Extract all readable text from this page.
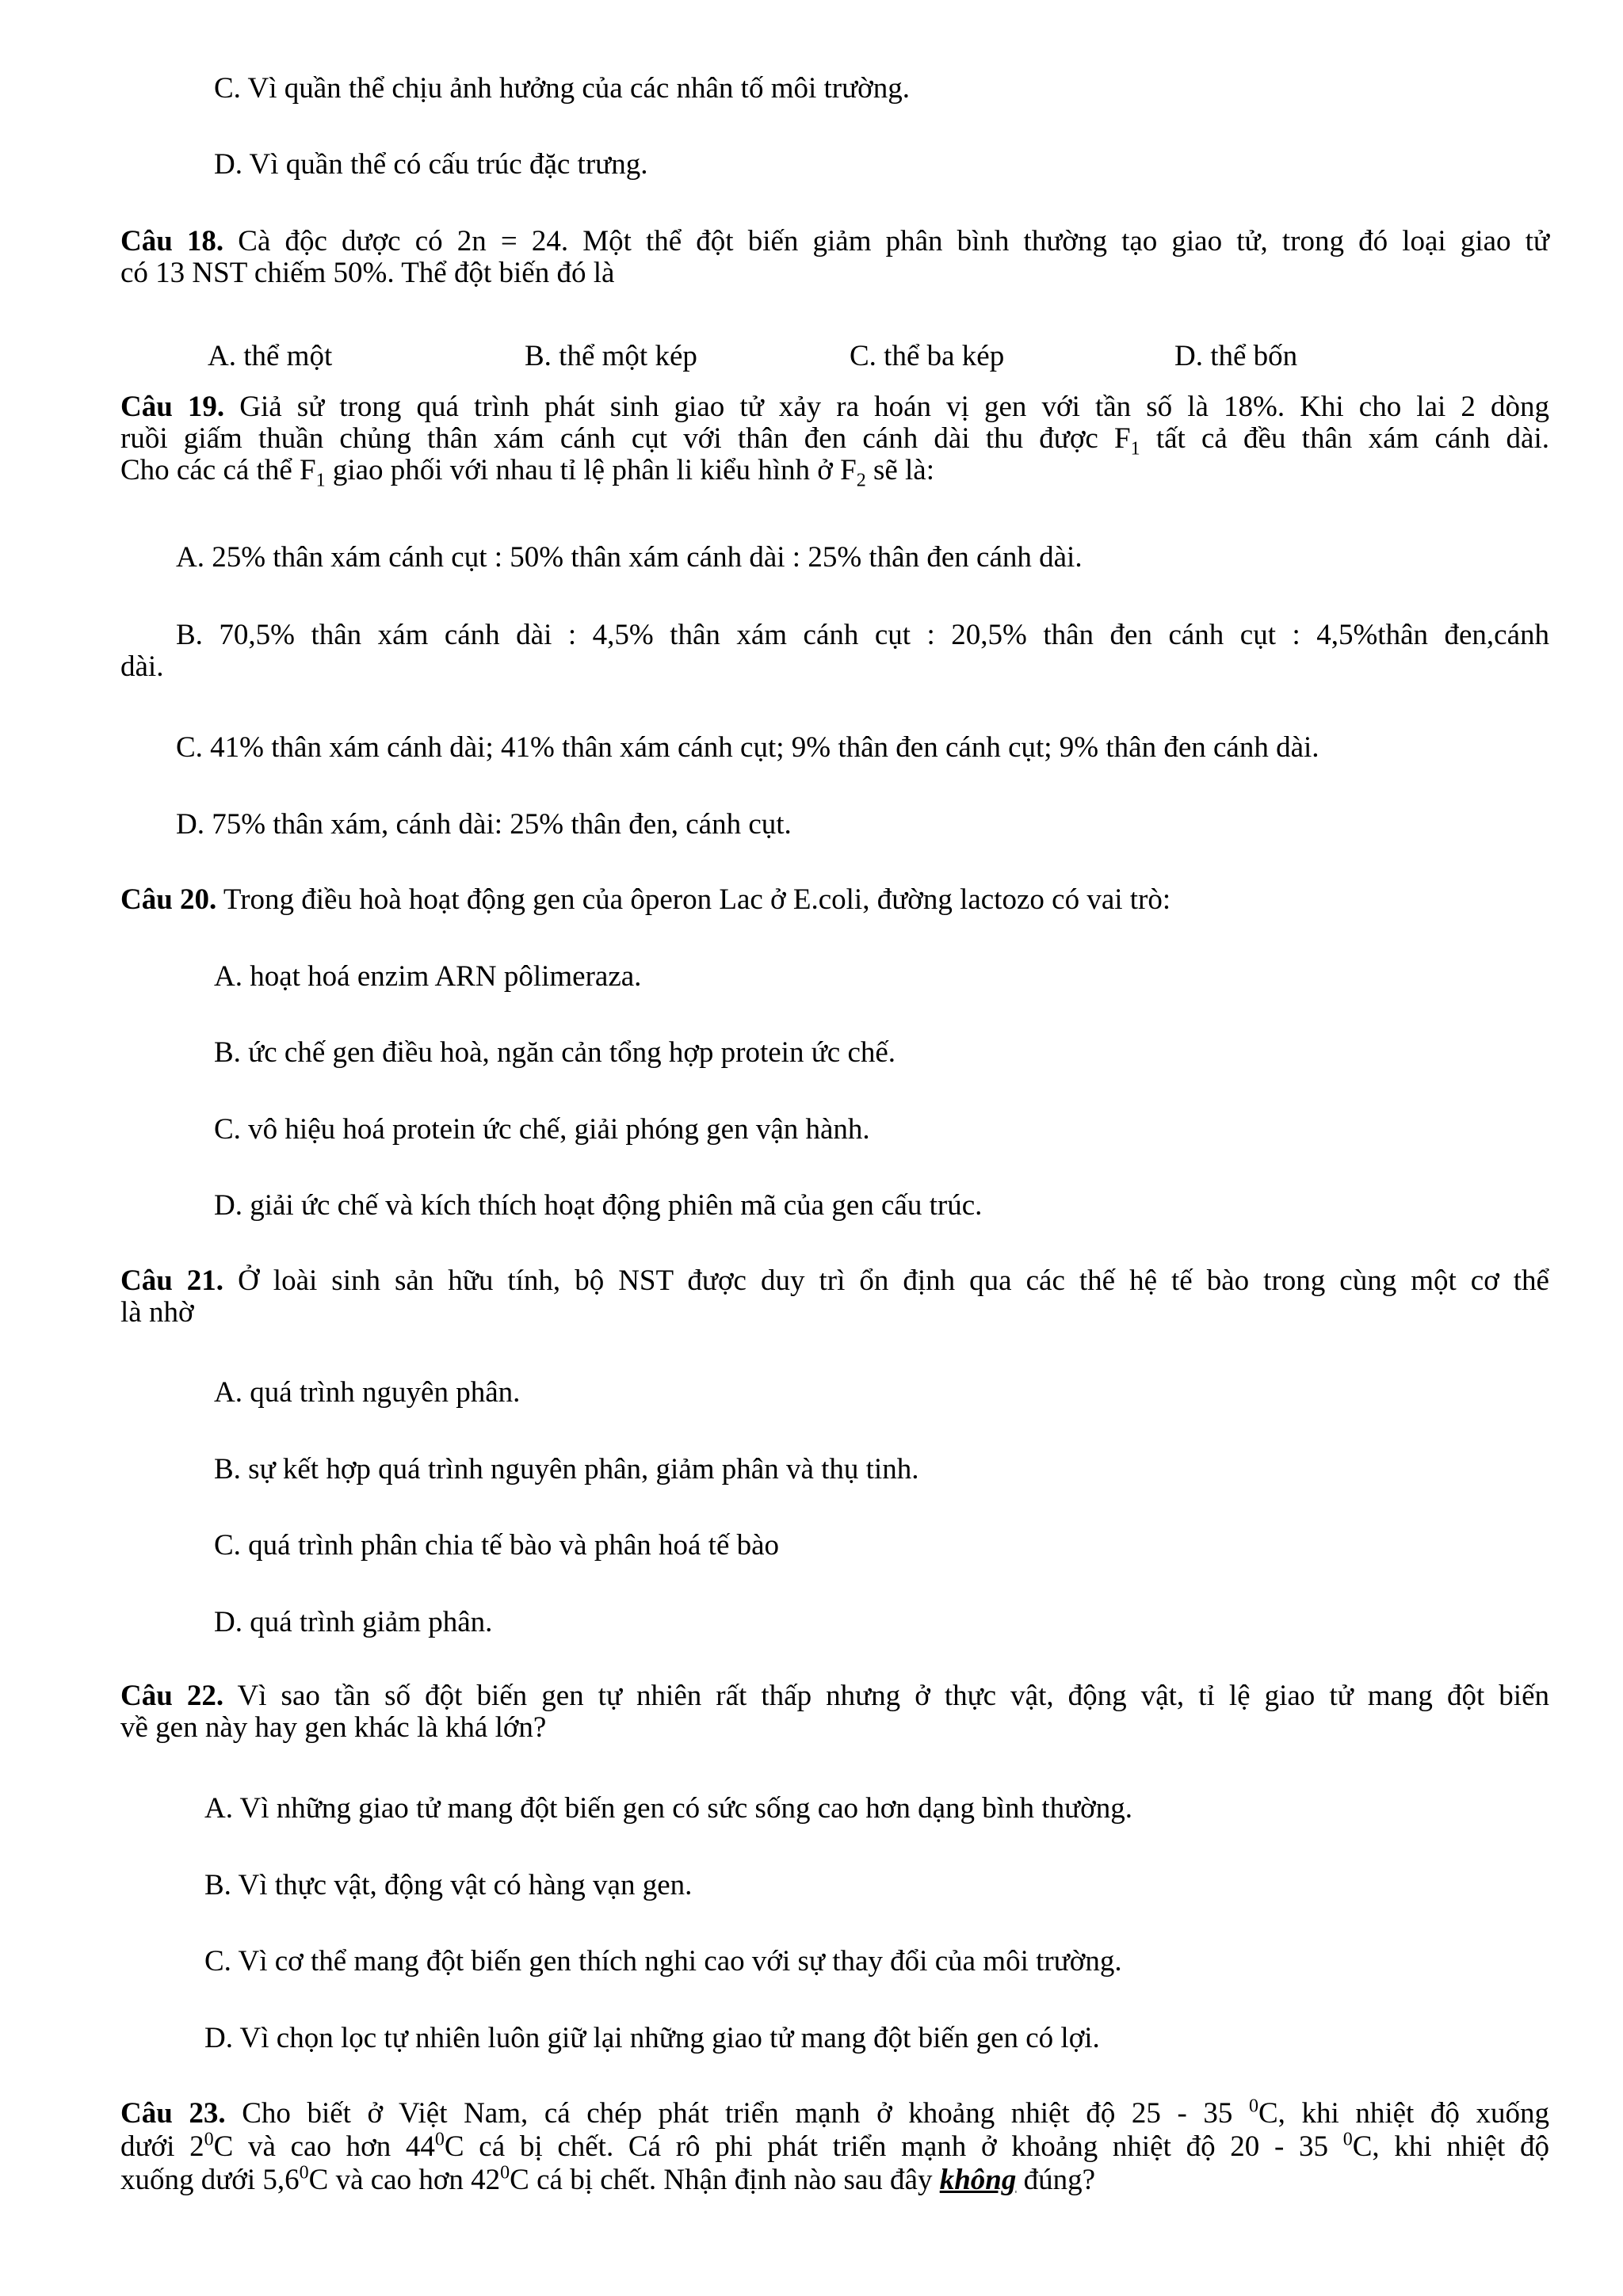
C. Vì quần thể chịu ảnh hưởng của các nhân tố môi trường.
D. Vì quần thể có cấu trúc đặc trưng.
Câu 18. Cà độc dược có 2n = 24. Một thể đột biến giảm phân bình thường tạo giao tử, trong đó loại giao tử
có 13 NST chiếm 50%. Thể đột biến đó là
A. thể một	B. thể một kép	C. thể ba kép	D. thể bốn
Câu 19. Giả sử trong quá trình phát sinh giao tử xảy ra hoán vị gen với tần số là 18%. Khi cho lai 2 dòng
ruồi giấm thuần chủng thân xám cánh cụt với thân đen cánh dài thu được $F_1$ tất cả đều thân xám cánh dài.
Cho các cá thể $F_1$ giao phối với nhau tỉ lệ phân li kiểu hình ở $F_2$ sẽ là:
A. 25% thân xám cánh cụt : 50% thân xám cánh dài : 25% thân đen cánh dài.
B. 70,5% thân xám cánh dài : 4,5% thân xám cánh cụt : 20,5% thân đen cánh cụt : 4,5%thân đen,cánh
dài.
C. 41% thân xám cánh dài; 41% thân xám cánh cụt; 9% thân đen cánh cụt; 9% thân đen cánh dài.
D. 75% thân xám, cánh dài: 25% thân đen, cánh cụt.
Câu 20. Trong điều hoà hoạt động gen của ôperon Lac ở E.coli, đường lactozo có vai trò:
A. hoạt hoá enzim ARN pôlimeraza.
B. ức chế gen điều hoà, ngăn cản tổng hợp protein ức chế.
C. vô hiệu hoá protein ức chế, giải phóng gen vận hành.
D. giải ức chế và kích thích hoạt động phiên mã của gen cấu trúc.
Câu 21. Ở loài sinh sản hữu tính, bộ NST được duy trì ổn định qua các thế hệ tế bào trong cùng một cơ thể
là nhờ
A. quá trình nguyên phân.
B. sự kết hợp quá trình nguyên phân, giảm phân và thụ tinh.
C. quá trình phân chia tế bào và phân hoá tế bào
D. quá trình giảm phân.
Câu 22. Vì sao tần số đột biến gen tự nhiên rất thấp nhưng ở thực vật, động vật, tỉ lệ giao tử mang đột biến
về gen này hay gen khác là khá lớn?
A. Vì những giao tử mang đột biến gen có sức sống cao hơn dạng bình thường.
B. Vì thực vật, động vật có hàng vạn gen.
C. Vì cơ thể mang đột biến gen thích nghi cao với sự thay đổi của môi trường.
D. Vì chọn lọc tự nhiên luôn giữ lại những giao tử mang đột biến gen có lợi.
Câu 23. Cho biết ở Việt Nam, cá chép phát triển mạnh ở khoảng nhiệt độ 25 - 35 $^0$C, khi nhiệt độ xuống
dưới $2^0C$ và cao hơn $44^0C$ cá bị chết. Cá rô phi phát triển mạnh ở khoảng nhiệt độ 20 - 35 $^0$C, khi nhiệt độ
xuống dưới $5,6^0C$ và cao hơn $42^0C$ cá bị chết. Nhận định nào sau đây không đúng?
